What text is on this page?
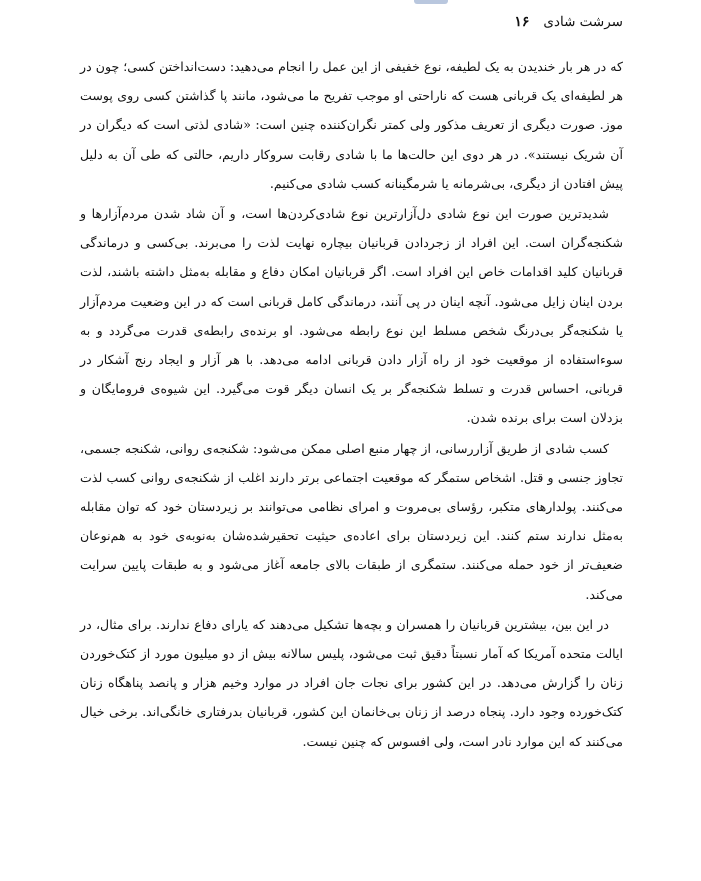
سرشت شادی
۱۶

که در هر بار خندیدن به یک لطیفه، نوع خفیفی از این عمل را انجام می‌دهید: دست‌انداختن کسی؛ چون در هر لطیفه‌ای یک قربانی هست که ناراحتی او موجب تفریح ما می‌شود، مانند پا گذاشتن کسی روی پوست موز. صورت دیگری از تعریف مذکور ولی کمتر نگران‌کننده چنین است: «شادی لذتی است که دیگران در آن شریک نیستند». در هر دوی این حالت‌ها ما با شادی رقابت سروکار داریم، حالتی که طی آن به دلیل پیش افتادن از دیگری، بی‌شرمانه یا شرمگینانه کسب شادی می‌کنیم.

شدیدترین صورت این نوع شادی دل‌آزارترین نوع شادی‌کردن‌ها است، و آن شاد شدن مردم‌آزارها و شکنجه‌گران است. این افراد از زجردادن قربانیان بیچاره نهایت لذت را می‌برند. بی‌کسی و درماندگی قربانیان کلید اقدامات خاص این افراد است. اگر قربانیان امکان دفاع و مقابله به‌مثل داشته باشند، لذت بردن اینان زایل می‌شود. آنچه اینان در پی آنند، درماندگی کامل قربانی است که در این وضعیت مردم‌آزار یا شکنجه‌گر بی‌درنگ شخص مسلط این نوع رابطه می‌شود. او برنده‌ی رابطه‌ی قدرت می‌گردد و به سوءاستفاده از موقعیت خود از راه آزار دادن قربانی ادامه می‌دهد. با هر آزار و ایجاد رنج آشکار در قربانی، احساس قدرت و تسلط شکنجه‌گر بر یک انسان دیگر قوت می‌گیرد. این شیوه‌ی فرومایگان و بزدلان است برای برنده شدن.

کسب شادی از طریق آزاررسانی، از چهار منبع اصلی ممکن می‌شود: شکنجه‌ی روانی، شکنجه جسمی، تجاوز جنسی و قتل. اشخاص ستمگر که موقعیت اجتماعی برتر دارند اغلب از شکنجه‌ی روانی کسب لذت می‌کنند. پولدارهای متکبر، رؤسای بی‌مروت و امرای نظامی می‌توانند بر زیردستان خود که توان مقابله به‌مثل ندارند ستم کنند. این زیردستان برای اعاده‌ی حیثیت تحقیرشده‌شان به‌نوبه‌ی خود به هم‌نوعان ضعیف‌تر از خود حمله می‌کنند. ستمگری از طبقات بالای جامعه آغاز می‌شود و به طبقات پایین سرایت می‌کند.

در این بین، بیشترین قربانیان را همسران و بچه‌ها تشکیل می‌دهند که یارای دفاع ندارند. برای مثال، در ایالت متحده آمریکا که آمار نسبتاً دقیق ثبت می‌شود، پلیس سالانه بیش از دو میلیون مورد از کتک‌خوردن زنان را گزارش می‌دهد. در این کشور برای نجات جان افراد در موارد وخیم هزار و پانصد پناهگاه زنان کتک‌خورده وجود دارد. پنجاه درصد از زنان بی‌خانمان این کشور، قربانیان بدرفتاری خانگی‌اند. برخی خیال می‌کنند که این موارد نادر است، ولی افسوس که چنین نیست.
